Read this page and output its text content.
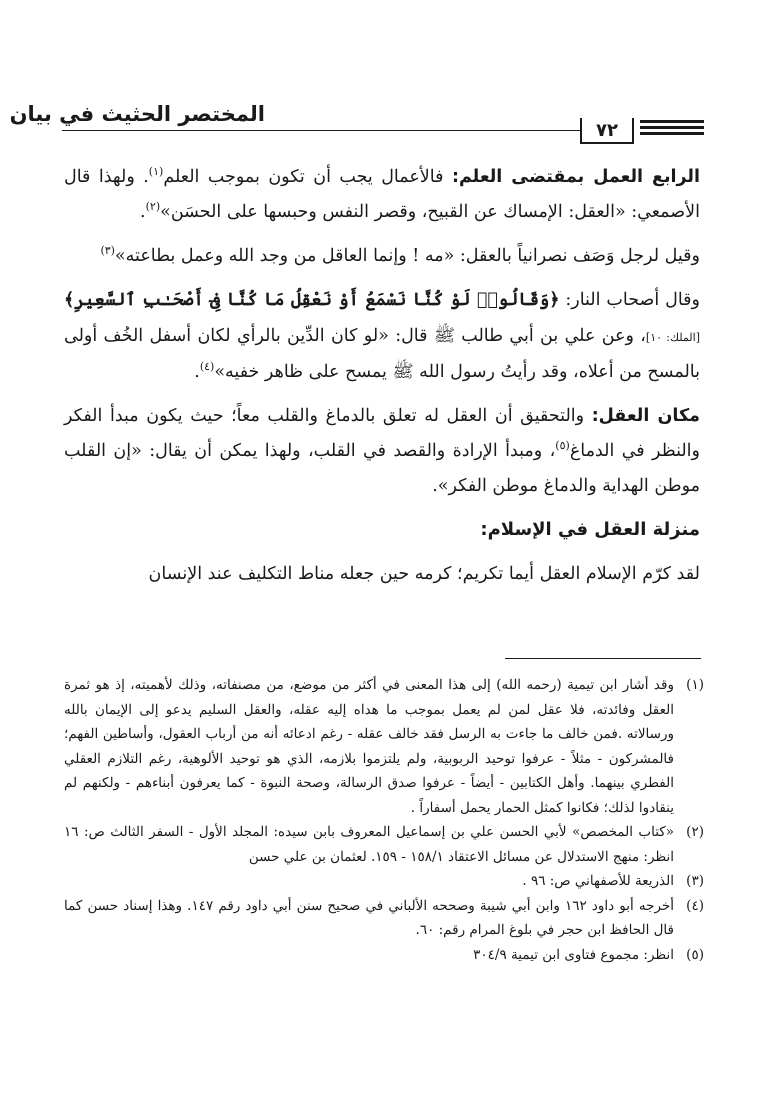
المختصر الحثيث في بيان
٧٢

الرابع العمل بمقتضى العلم: فالأعمال يجب أن تكون بموجب العلم$^{(١)}$. ولهذا قال الأصمعي: «العقل: الإمساك عن القبيح، وقصر النفس وحبسها على الحسَن»$^{(٢)}$.

وقيل لرجل وَصَف نصرانياً بالعقل: «مه ! وإنما العاقل من وجد الله وعمل بطاعته»$^{(٣)}$

وقال أصحاب النار: ﴿وَقَالُوا۟ لَوْ كُنَّا نَسْمَعُ أَوْ نَعْقِلُ مَا كُنَّا فِىٓ أَصْحَـٰبِ ٱلسَّعِيرِ﴾ [الملك: ١٠]، وعن علي بن أبي طالب ﷺ قال: «لو كان الدِّين بالرأي لكان أسفل الخُف أولى بالمسح من أعلاه، وقد رأيتُ رسول الله ﷺ يمسح على ظاهر خفيه»$^{(٤)}$.

مكان العقل: والتحقيق أن العقل له تعلق بالدماغ والقلب معاً؛ حيث يكون مبدأ الفكر والنظر في الدماغ$^{(٥)}$، ومبدأ الإرادة والقصد في القلب، ولهذا يمكن أن يقال: «إن القلب موطن الهداية والدماغ موطن الفكر».

منزلة العقل في الإسلام:

لقد كرّم الإسلام العقل أيما تكريم؛ كرمه حين جعله مناط التكليف عند الإنسان

(١)
وقد أشار ابن تيمية (رحمه الله) إلى هذا المعنى في أكثر من موضع، من مصنفاته، وذلك لأهميته، إذ هو ثمرة العقل وفائدته، فلا عقل لمن لم يعمل بموجب ما هداه إليه عقله، والعقل السليم يدعو إلى الإيمان بالله ورسالاته .فمن خالف ما جاءت به الرسل فقد خالف عقله - رغم ادعائه أنه من أرباب العقول، وأساطين الفهم؛ فالمشركون - مثلاً - عرفوا توحيد الربوبية، ولم يلتزموا بلازمه، الذي هو توحيد الألوهية، رغم التلازم العقلي الفطري بينهما. وأهل الكتابين - أيضاً - عرفوا صدق الرسالة، وصحة النبوة - كما يعرفون أبناءهم - ولكنهم لم ينقادوا لذلك؛ فكانوا كمثل الحمار يحمل أسفاراً .
(٢)
«كتاب المخصص» لأبي الحسن علي بن إسماعيل المعروف بابن سيده: المجلد الأول - السفر الثالث ص: ١٦ انظر: منهج الاستدلال عن مسائل الاعتقاد ١٥٨/١ - ١٥٩. لعثمان بن علي حسن
(٣)
الذريعة للأصفهاني ص: ٩٦ .
(٤)
أخرجه أبو داود ١٦٢ وابن أبي شيبة وصححه الألباني في صحيح سنن أبي داود رقم ١٤٧. وهذا إسناد حسن كما قال الحافظ ابن حجر في بلوغ المرام رقم: ٦٠.
(٥)
انظر: مجموع فتاوى ابن تيمية ٣٠٤/٩
